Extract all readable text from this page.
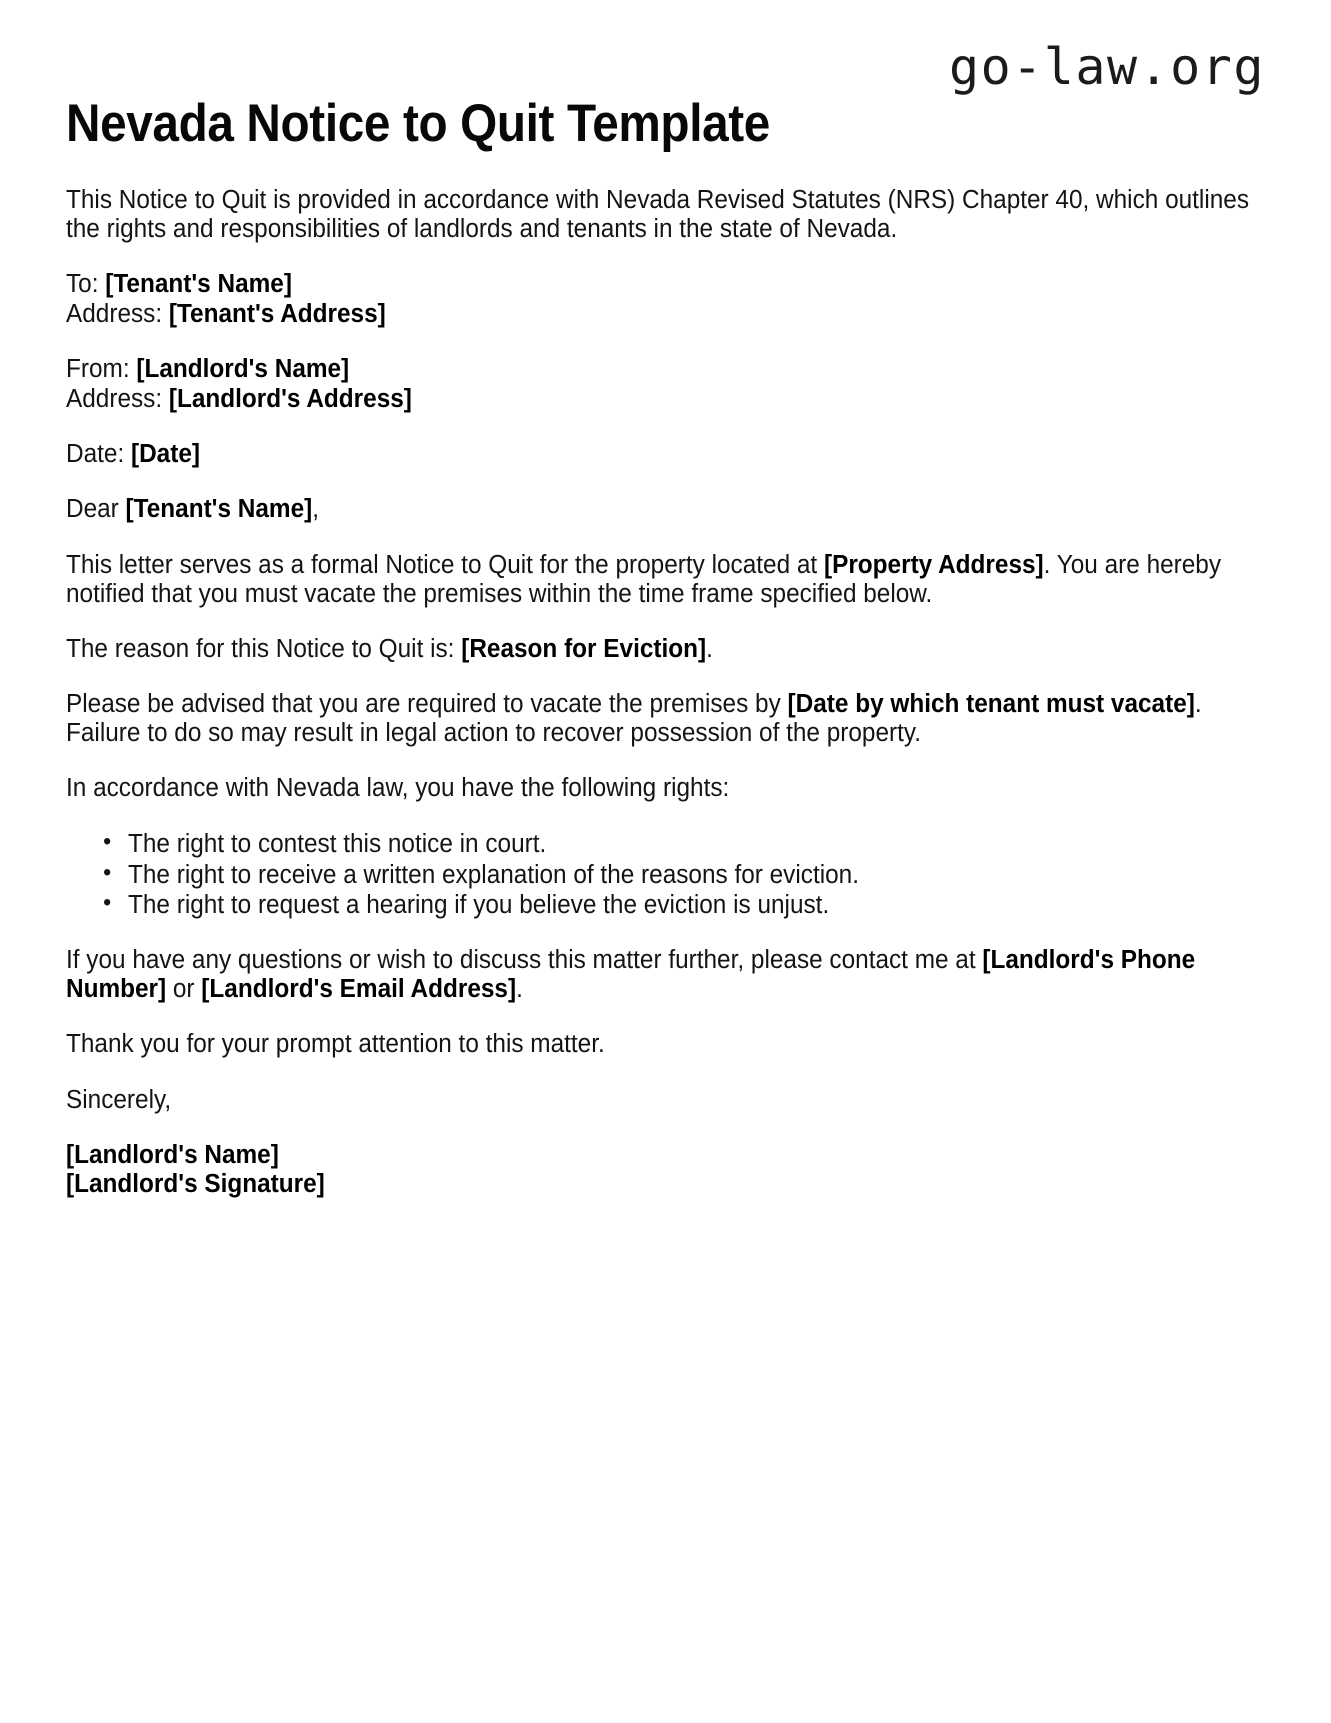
go-law.org
Nevada Notice to Quit Template

This Notice to Quit is provided in accordance with Nevada Revised Statutes (NRS) Chapter 40, which outlines the rights and responsibilities of landlords and tenants in the state of Nevada.

To: [Tenant's Name]
Address: [Tenant's Address]
From: [Landlord's Name]
Address: [Landlord's Address]
Date: [Date]
Dear [Tenant's Name],

This letter serves as a formal Notice to Quit for the property located at [Property Address]. You are hereby notified that you must vacate the premises within the time frame specified below.

The reason for this Notice to Quit is: [Reason for Eviction].

Please be advised that you are required to vacate the premises by [Date by which tenant must vacate]. Failure to do so may result in legal action to recover possession of the property.

In accordance with Nevada law, you have the following rights:

• The right to contest this notice in court.
• The right to receive a written explanation of the reasons for eviction.
• The right to request a hearing if you believe the eviction is unjust.

If you have any questions or wish to discuss this matter further, please contact me at [Landlord's Phone Number] or [Landlord's Email Address].

Thank you for your prompt attention to this matter.

Sincerely,

[Landlord's Name]
[Landlord's Signature]
